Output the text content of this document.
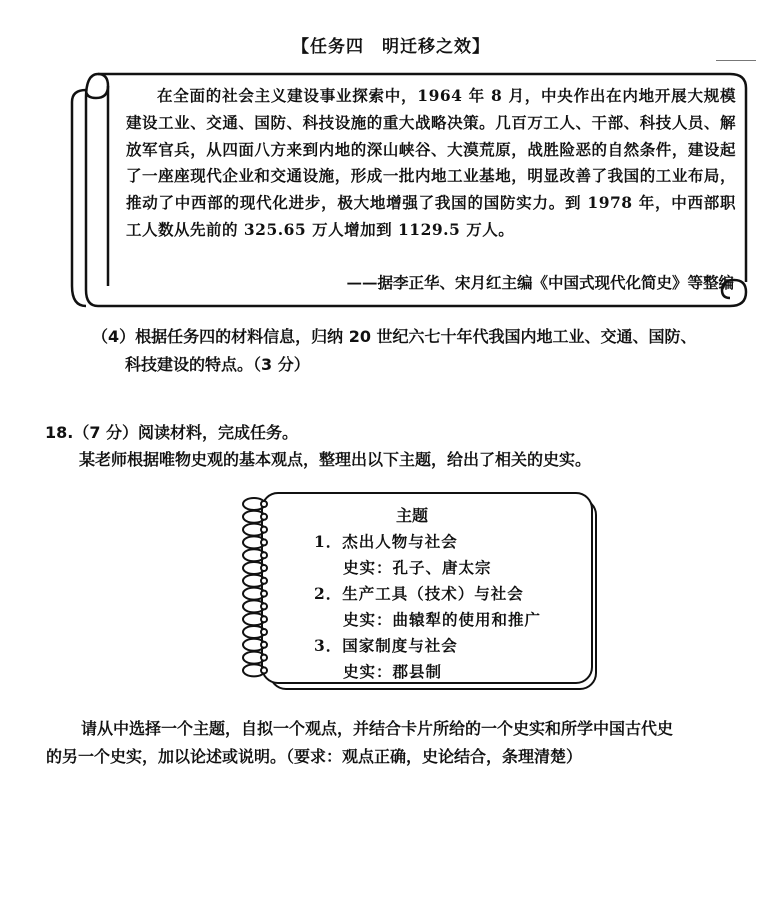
【任务四　明迁移之效】

在全面的社会主义建设事业探索中，1964 年 8 月，中央作出在内地开展大规模建设工业、交通、国防、科技设施的重大战略决策。几百万工人、干部、科技人员、解放军官兵，从四面八方来到内地的深山峡谷、大漠荒原，战胜险恶的自然条件，建设起了一座座现代企业和交通设施，形成一批内地工业基地，明显改善了我国的工业布局，推动了中西部的现代化进步，极大地增强了我国的国防实力。到 1978 年，中西部职工人数从先前的 325.65 万人增加到 1129.5 万人。

——据李正华、宋月红主编《中国式现代化简史》等整编
（4）根据任务四的材料信息，归纳 20 世纪六七十年代我国内地工业、交通、国防、
科技建设的特点。（3 分）
18.（7 分）阅读材料，完成任务。
某老师根据唯物史观的基本观点，整理出以下主题，给出了相关的史实。
主题
1．杰出人物与社会
史实：孔子、唐太宗
2．生产工具（技术）与社会
史实：曲辕犁的使用和推广
3．国家制度与社会
史实：郡县制
请从中选择一个主题，自拟一个观点，并结合卡片所给的一个史实和所学中国古代史
的另一个史实，加以论述或说明。（要求：观点正确，史论结合，条理清楚）
